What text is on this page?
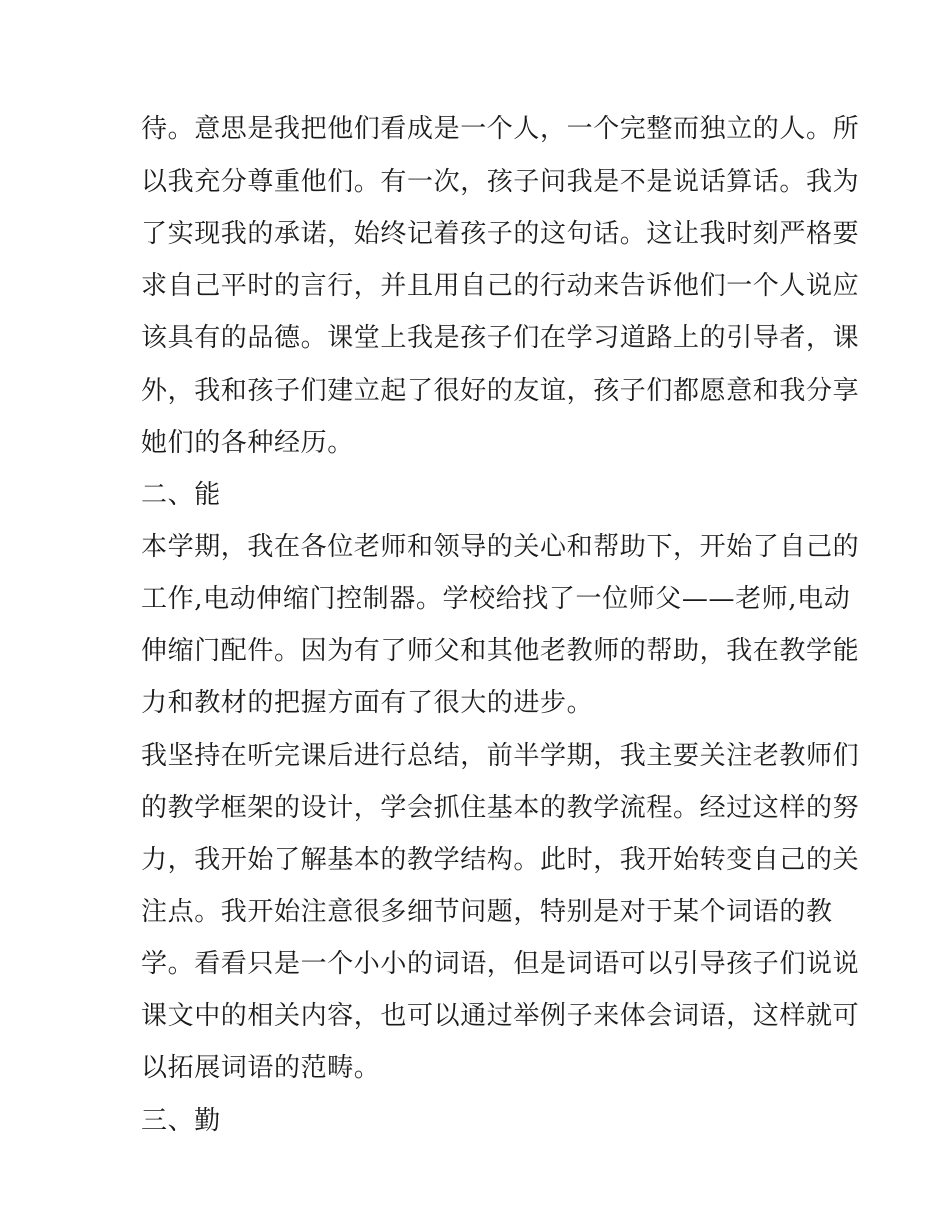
待。意思是我把他们看成是一个人，一个完整而独立的人。所
以我充分尊重他们。有一次，孩子问我是不是说话算话。我为
了实现我的承诺，始终记着孩子的这句话。这让我时刻严格要
求自己平时的言行，并且用自己的行动来告诉他们一个人说应
该具有的品德。课堂上我是孩子们在学习道路上的引导者，课
外，我和孩子们建立起了很好的友谊，孩子们都愿意和我分享
她们的各种经历。
二、能
本学期，我在各位老师和领导的关心和帮助下，开始了自己的
工作,电动伸缩门控制器。学校给找了一位师父——老师,电动
伸缩门配件。因为有了师父和其他老教师的帮助，我在教学能
力和教材的把握方面有了很大的进步。
我坚持在听完课后进行总结，前半学期，我主要关注老教师们
的教学框架的设计，学会抓住基本的教学流程。经过这样的努
力，我开始了解基本的教学结构。此时，我开始转变自己的关
注点。我开始注意很多细节问题，特别是对于某个词语的教
学。看看只是一个小小的词语，但是词语可以引导孩子们说说
课文中的相关内容，也可以通过举例子来体会词语，这样就可
以拓展词语的范畴。
三、勤
